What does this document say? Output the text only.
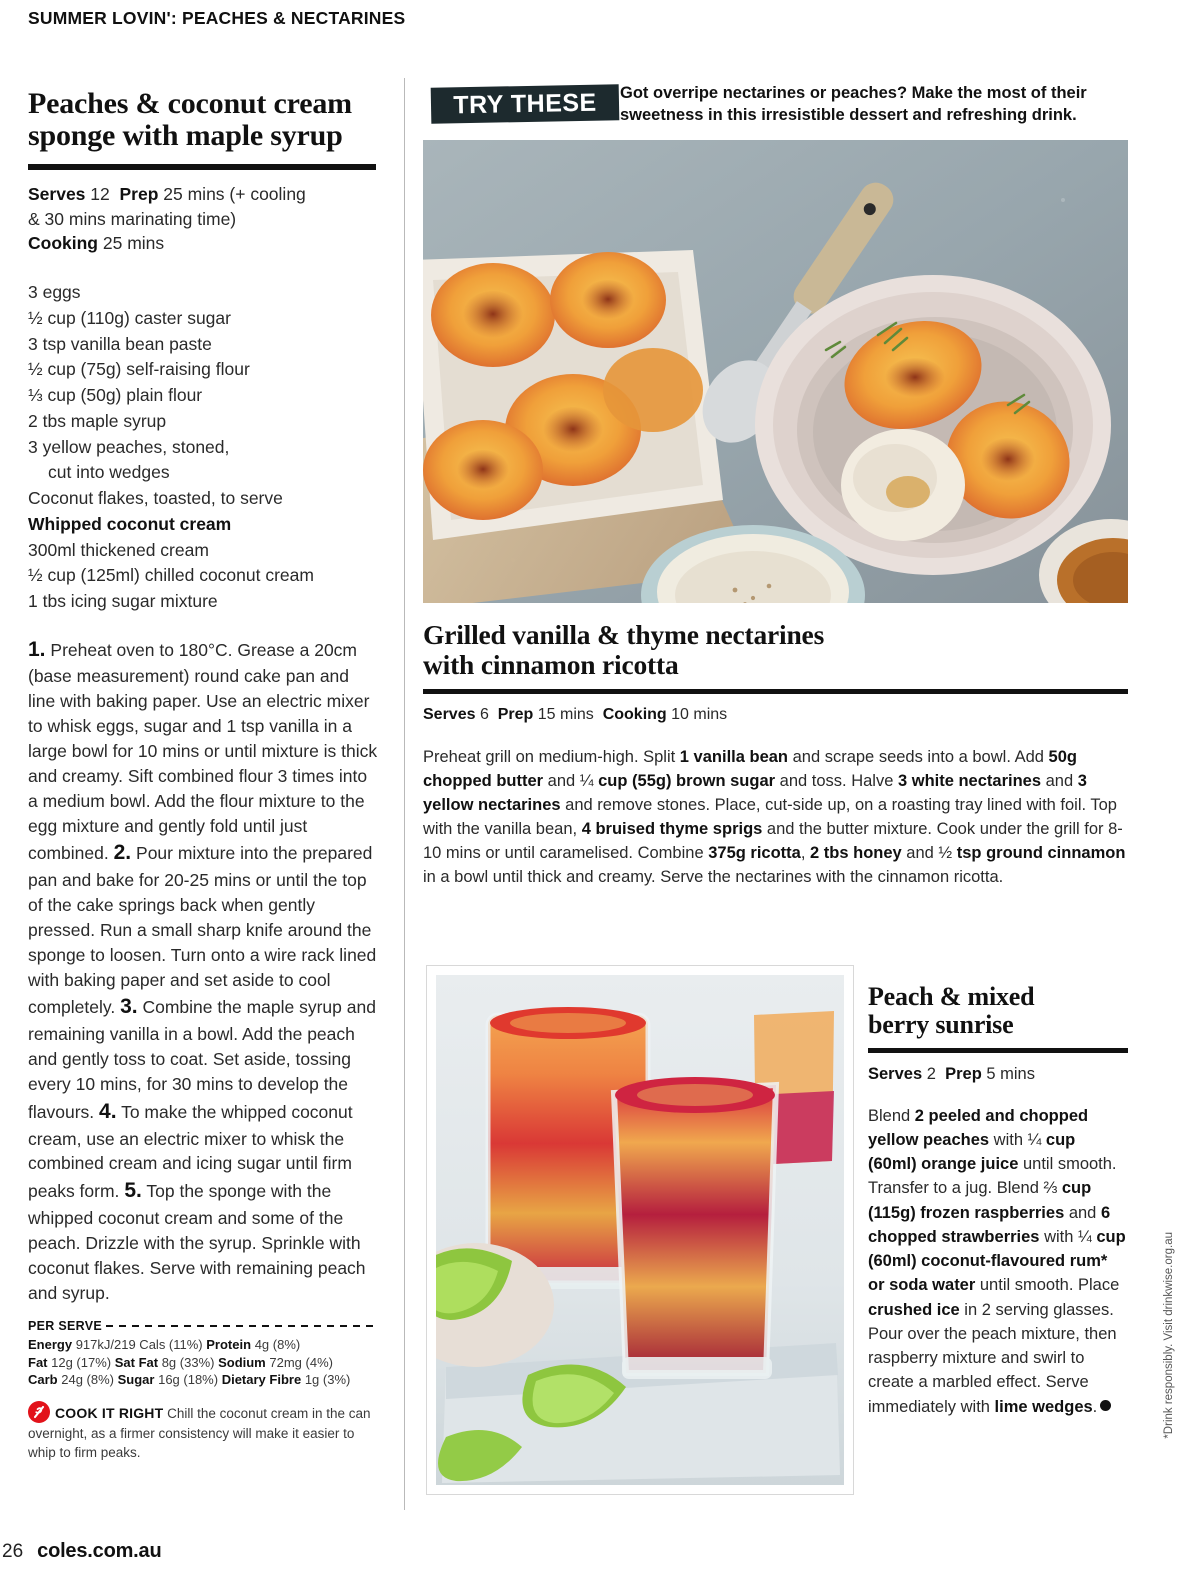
SUMMER LOVIN': PEACHES & NECTARINES
Peaches & coconut cream
sponge with maple syrup
Serves 12 Prep 25 mins (+ cooling
& 30 mins marinating time)
Cooking 25 mins
3 eggs
½ cup (110g) caster sugar
3 tsp vanilla bean paste
½ cup (75g) self-raising flour
⅓ cup (50g) plain flour
2 tbs maple syrup
3 yellow peaches, stoned,
cut into wedges
Coconut flakes, toasted, to serve
Whipped coconut cream
300ml thickened cream
½ cup (125ml) chilled coconut cream
1 tbs icing sugar mixture
1. Preheat oven to 180°C. Grease a 20cm (base measurement) round cake pan and line with baking paper. Use an electric mixer to whisk eggs, sugar and 1 tsp vanilla in a large bowl for 10 mins or until mixture is thick and creamy. Sift combined flour 3 times into a medium bowl. Add the flour mixture to the egg mixture and gently fold until just combined. 2. Pour mixture into the prepared pan and bake for 20-25 mins or until the top of the cake springs back when gently pressed. Run a small sharp knife around the sponge to loosen. Turn onto a wire rack lined with baking paper and set aside to cool completely. 3. Combine the maple syrup and remaining vanilla in a bowl. Add the peach and gently toss to coat. Set aside, tossing every 10 mins, for 30 mins to develop the flavours. 4. To make the whipped coconut cream, use an electric mixer to whisk the combined cream and icing sugar until firm peaks form. 5. Top the sponge with the whipped coconut cream and some of the peach. Drizzle with the syrup. Sprinkle with coconut flakes. Serve with remaining peach and syrup.
PER SERVE
Energy 917kJ/219 Cals (11%) Protein 4g (8%)
Fat 12g (17%) Sat Fat 8g (33%) Sodium 72mg (4%)
Carb 24g (8%) Sugar 16g (18%) Dietary Fibre 1g (3%)
COOK IT RIGHT Chill the coconut cream in the can overnight, as a firmer consistency will make it easier to whip to firm peaks.
TRY THESE Got overripe nectarines or peaches? Make the most of their sweetness in this irresistible dessert and refreshing drink.
Grilled vanilla & thyme nectarines
with cinnamon ricotta
Serves 6 Prep 15 mins Cooking 10 mins
Preheat grill on medium-high. Split 1 vanilla bean and scrape seeds into a bowl. Add 50g chopped butter and ¼ cup (55g) brown sugar and toss. Halve 3 white nectarines and 3 yellow nectarines and remove stones. Place, cut-side up, on a roasting tray lined with foil. Top with the vanilla bean, 4 bruised thyme sprigs and the butter mixture. Cook under the grill for 8-10 mins or until caramelised. Combine 375g ricotta, 2 tbs honey and ½ tsp ground cinnamon in a bowl until thick and creamy. Serve the nectarines with the cinnamon ricotta.
Peach & mixed
berry sunrise
Serves 2 Prep 5 mins
Blend 2 peeled and chopped yellow peaches with ¼ cup (60ml) orange juice until smooth. Transfer to a jug. Blend ⅔ cup (115g) frozen raspberries and 6 chopped strawberries with ¼ cup (60ml) coconut-flavoured rum* or soda water until smooth. Place crushed ice in 2 serving glasses. Pour over the peach mixture, then raspberry mixture and swirl to create a marbled effect. Serve immediately with lime wedges.	*Drink responsibly. Visit drinkwise.org.au
26 coles.com.au
